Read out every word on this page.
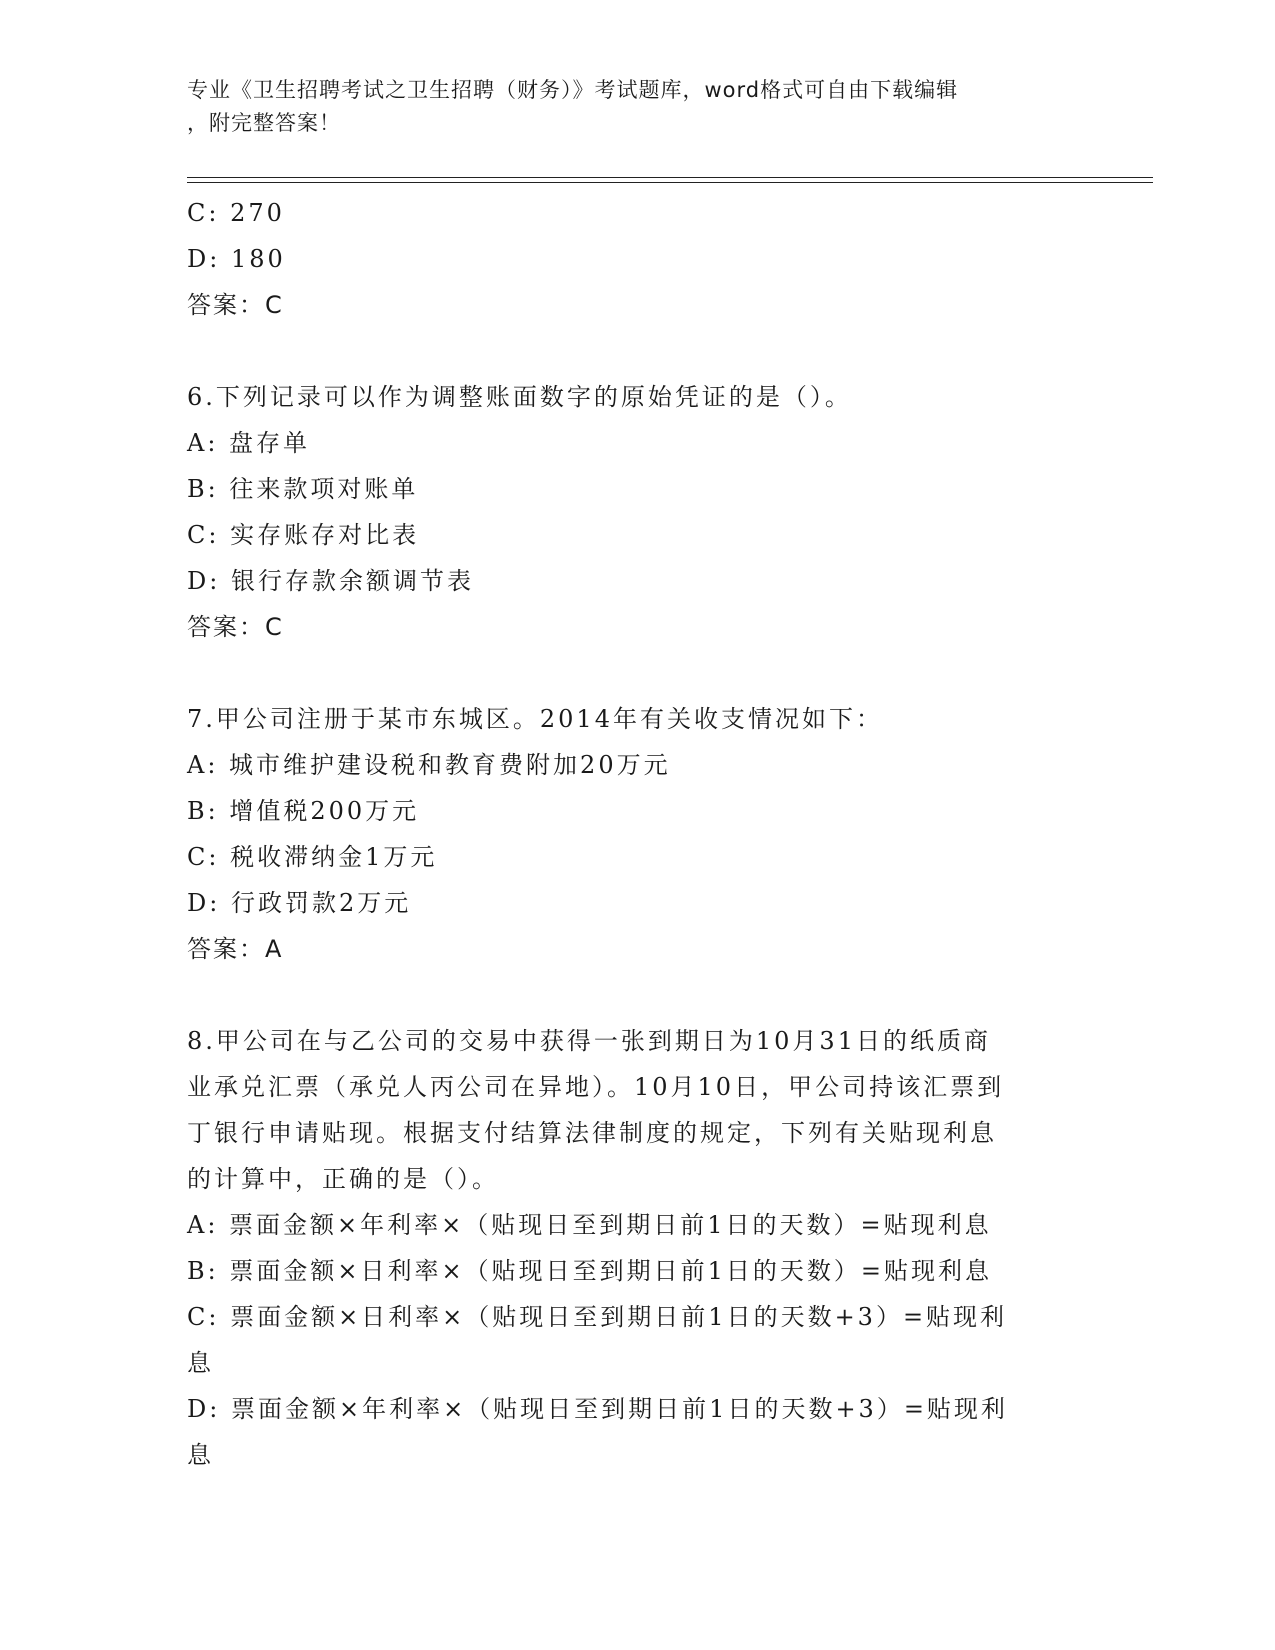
专业《卫生招聘考试之卫生招聘（财务）》考试题库，word格式可自由下载编辑
，附完整答案！
C: 270
D: 180
答案：C
6.下列记录可以作为调整账面数字的原始凭证的是（）。
A: 盘存单
B: 往来款项对账单
C: 实存账存对比表
D: 银行存款余额调节表
答案：C
7.甲公司注册于某市东城区。2014年有关收支情况如下：
A: 城市维护建设税和教育费附加20万元
B: 增值税200万元
C: 税收滞纳金1万元
D: 行政罚款2万元
答案：A
8.甲公司在与乙公司的交易中获得一张到期日为10月31日的纸质商
业承兑汇票（承兑人丙公司在异地）。10月10日，甲公司持该汇票到
丁银行申请贴现。根据支付结算法律制度的规定，下列有关贴现利息
的计算中，正确的是（）。
A: 票面金额×年利率×（贴现日至到期日前1日的天数）=贴现利息
B: 票面金额×日利率×（贴现日至到期日前1日的天数）=贴现利息
C: 票面金额×日利率×（贴现日至到期日前1日的天数+3）=贴现利
息
D: 票面金额×年利率×（贴现日至到期日前1日的天数+3）=贴现利
息
